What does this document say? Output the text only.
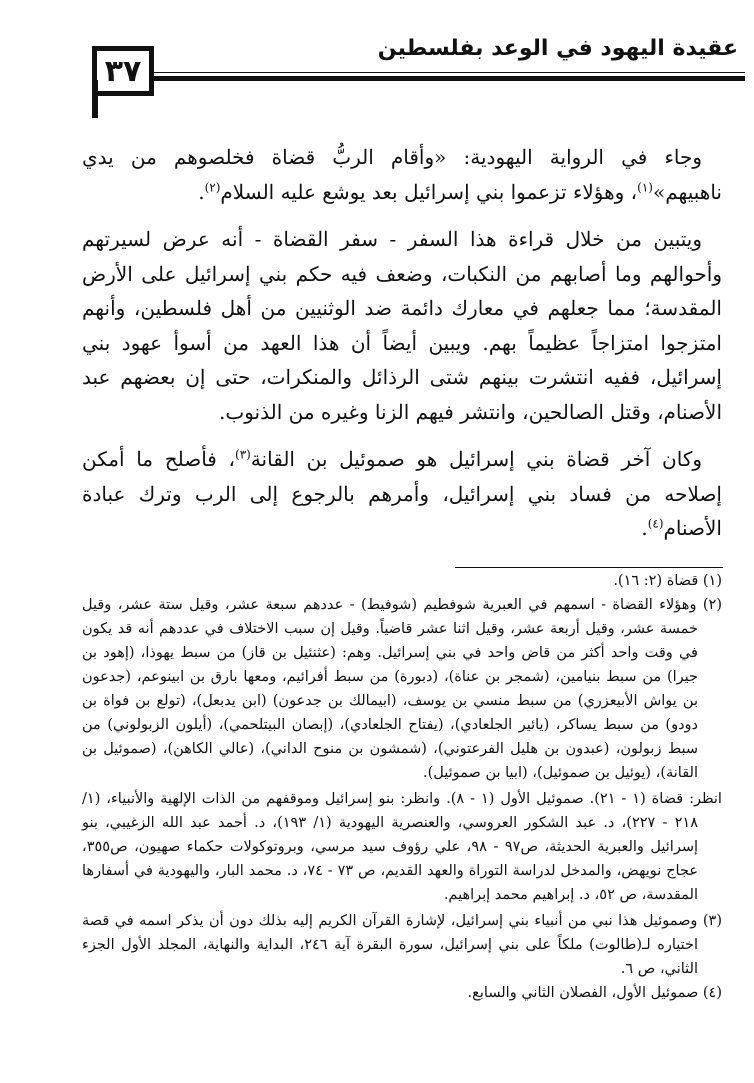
٣٧
عقيدة اليهود في الوعد بفلسطين

وجاء في الرواية اليهودية: «وأقام الربُّ قضاة فخلصوهم من يدي ناهبيهم»$^{(١)}$، وهؤلاء تزعموا بني إسرائيل بعد يوشع عليه السلام$^{(٢)}$.

ويتبين من خلال قراءة هذا السفر - سفر القضاة - أنه عرض لسيرتهم وأحوالهم وما أصابهم من النكبات، وضعف فيه حكم بني إسرائيل على الأرض المقدسة؛ مما جعلهم في معارك دائمة ضد الوثنيين من أهل فلسطين، وأنهم امتزجوا امتزاجاً عظيماً بهم. ويبين أيضاً أن هذا العهد من أسوأ عهود بني إسرائيل، ففيه انتشرت بينهم شتى الرذائل والمنكرات، حتى إن بعضهم عبد الأصنام، وقتل الصالحين، وانتشر فيهم الزنا وغيره من الذنوب.

وكان آخر قضاة بني إسرائيل هو صموئيل بن القانة$^{(٣)}$، فأصلح ما أمكن إصلاحه من فساد بني إسرائيل، وأمرهم بالرجوع إلى الرب وترك عبادة الأصنام$^{(٤)}$.

(١) قضاة (٢: ١٦).

(٢) وهؤلاء القضاة - اسمهم في العبرية شوفطيم (شوفيط) - عددهم سبعة عشر، وقيل ستة عشر، وقيل خمسة عشر، وقيل أربعة عشر، وقيل اثنا عشر قاضياً. وقيل إن سبب الاختلاف في عددهم أنه قد يكون في وقت واحد أكثر من قاض واحد في بني إسرائيل. وهم: (عثنئيل بن قاز) من سبط يهوذا، (إهود بن جيرا) من سبط بنيامين، (شمجر بن عناة)، (دبورة) من سبط أفرائيم، ومعها بارق بن ابينوعم، (جدعون بن يواش الأبيعزري) من سبط منسي بن يوسف، (ابيمالك بن جدعون) (ابن يدبعل)، (تولع بن فواة بن دودو) من سبط يساكر، (يائير الجلعادي)، (يفتاح الجلعادي)، (إبصان البيتلحمي)، (أيلون الزبولوني) من سبط زبولون، (عبدون بن هليل الفرعتوني)، (شمشون بن منوح الداني)، (عالي الكاهن)، (صموئيل بن القانة)، (يوئيل بن صموئيل)، (ابيا بن صموئيل).

انظر: قضاة (١ - ٢١). صموئيل الأول (١ - ٨). وانظر: بنو إسرائيل وموقفهم من الذات الإلهية والأنبياء، (١/ ٢١٨ - ٢٢٧)، د. عبد الشكور العروسي، والعنصرية اليهودية (١/ ١٩٣)، د. أحمد عبد الله الزغيبي، بنو إسرائيل والعبرية الحديثة، ص٩٧ - ٩٨، علي رؤوف سيد مرسي، وبروتوكولات حكماء صهيون، ص٣٥٥، عجاج نويهض، والمدخل لدراسة التوراة والعهد القديم، ص ٧٣ - ٧٤، د. محمد البار، واليهودية في أسفارها المقدسة، ص ٥٢، د. إبراهيم محمد إبراهيم.

(٣) وصموئيل هذا نبي من أنبياء بني إسرائيل، لإشارة القرآن الكريم إليه بذلك دون أن يذكر اسمه في قصة اختياره لـ(طالوت) ملكاً على بني إسرائيل، سورة البقرة آية ٢٤٦، البداية والنهاية، المجلد الأول الجزء الثاني، ص ٦.

(٤) صموئيل الأول، الفصلان الثاني والسابع.
